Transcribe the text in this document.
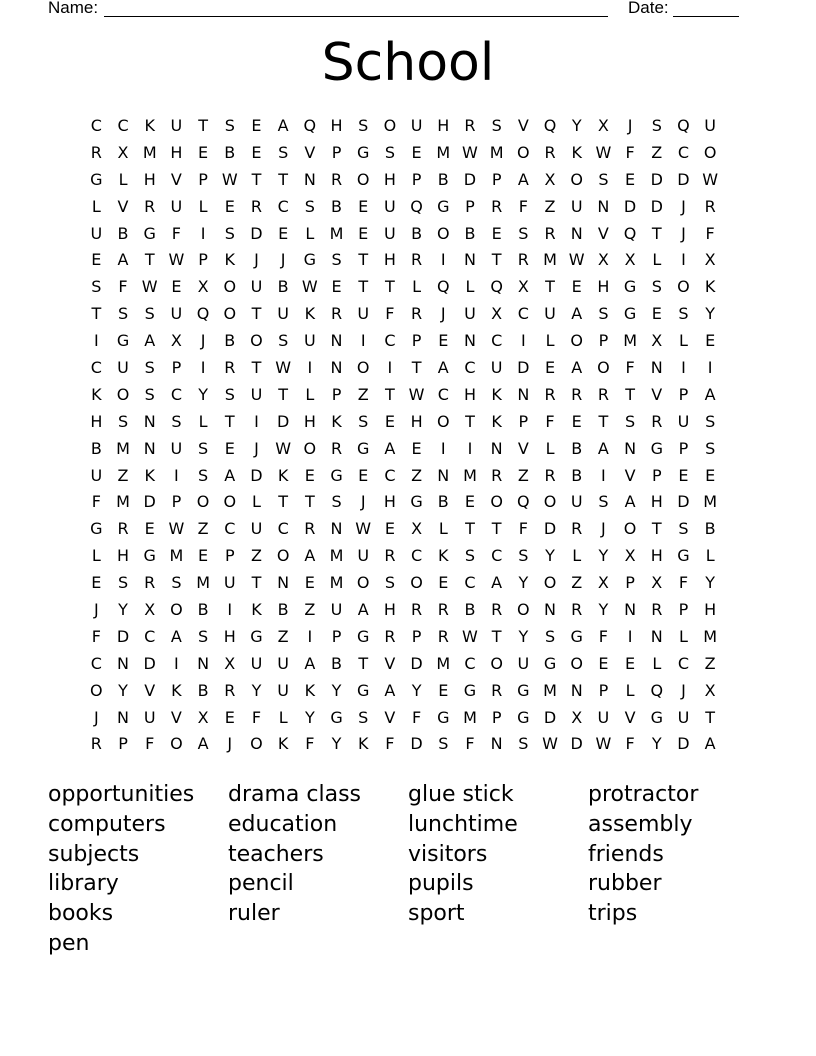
Name:	Date:
School
C C K U T	S	E	A Q H S O U H R	S	V Q Y	X	J	S Q U
R X M H E	B	E	S	V	P G S	E M W M O R K W F	Z C O
G	L	H V	P W T	T N R O H P	B D P	A X O S	E D D W
L	V R U	L	E	R C	S	B	E U Q G P	R	F	Z U N D D	J	R
U B G F	I	S D E	L M E U B O B	E	S	R N V Q T	J	F
E	A	T W P	K	J	J	G S	T H R	I	N T	R M W X X	L	I	X
S	F W E	X O U B W E	T	T	L Q L Q X	T	E H G S O K
T	S	S U Q O T U K R U	F	R	J	U X C U A	S G E	S	Y
I	G A X	J	B O S U N	I	C	P	E N C	I	L O P M X	L	E
C U S	P	I	R	T W	I	N O	I	T	A C U D E	A O F	N	I	I
K O S	C	Y	S U T	L	P	Z	T W C H K N R R R	T	V	P	A
H S N S	L	T	I	D H K	S	E H O T	K	P	F	E	T	S	R U S
B M N U S	E	J	W O R G A	E	I	I	N V	L	B A N G P	S
U Z K	I	S	A D K	E G E	C Z N M R Z R B	I	V	P	E	E
F M D P O O L	T	T	S	J	H G B	E O Q O U S	A H D M
G R	E W Z C U C R N W E	X	L	T	T	F D R	J	O T	S	B
L	H G M E	P	Z O A M U R C K	S	C	S	Y	L	Y	X H G	L
E	S	R	S M U T N E M O S O E	C A	Y O Z X	P	X	F	Y
J	Y	X O B	I	K B Z U A H R R B R O N R	Y N R	P H
F D C A	S H G Z	I	P G R	P	R W T	Y	S G F	I	N	L M
C N D	I	N X U U A B	T	V D M C O U G O E	E	L	C Z
O Y	V K B R	Y U K	Y G A	Y	E G R G M N P	L Q	J	X
J	N U V X	E	F	L	Y G S	V	F G M P G D X U V G U T
R	P	F O A	J	O K	F	Y	K	F D S	F	N S W D W F	Y D A
opportunities	drama class	glue stick	protractor
computers	education	lunchtime	assembly
subjects	teachers	visitors	friends
library	pencil	pupils	rubber
books	ruler	sport	trips
pen
